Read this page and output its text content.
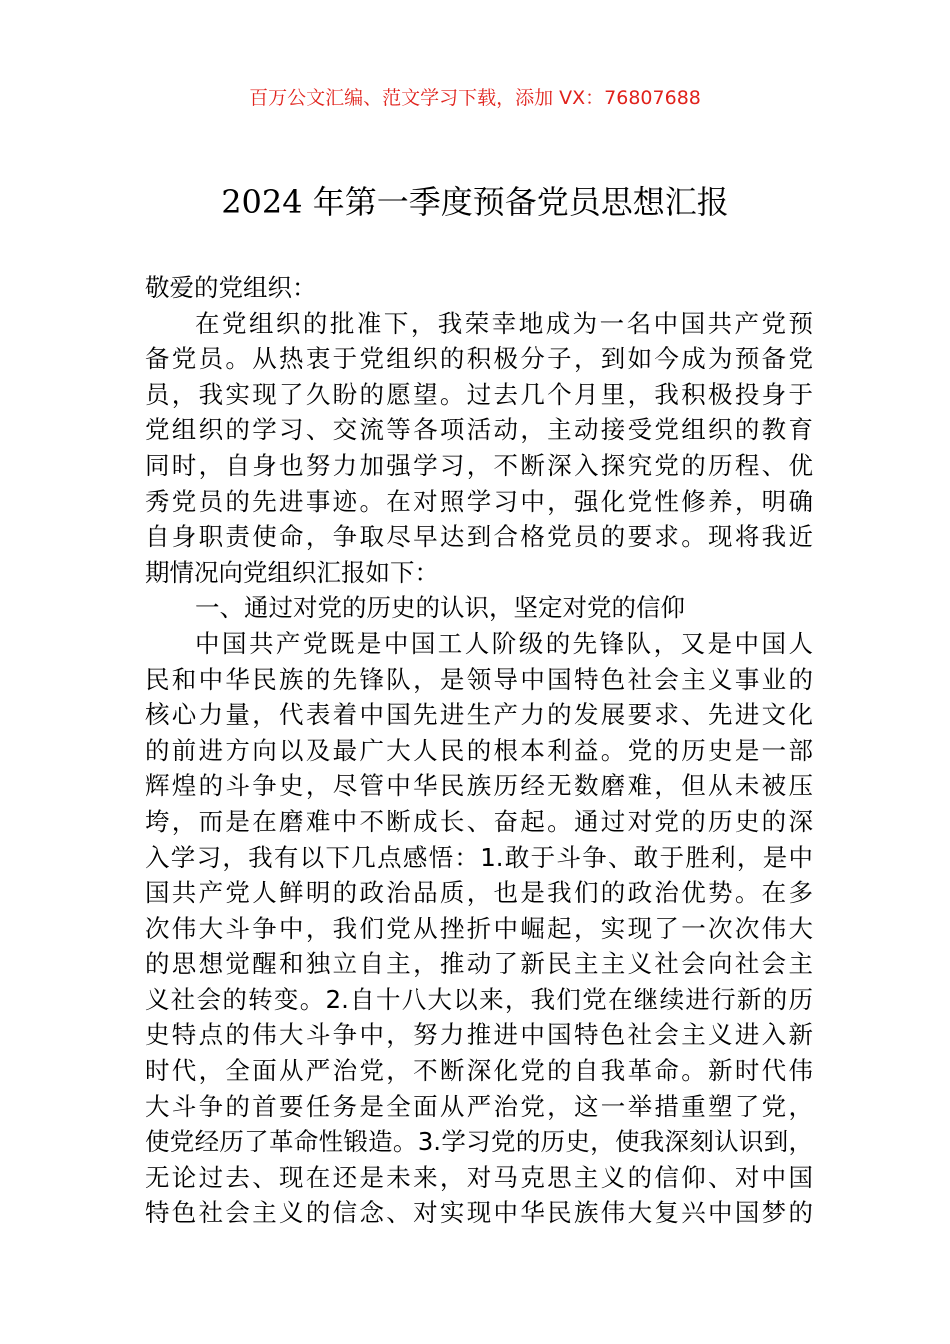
百万公文汇编、范文学习下载，添加 VX：76807688
2024 年第一季度预备党员思想汇报
敬爱的党组织：
在党组织的批准下，我荣幸地成为一名中国共产党预
备党员。从热衷于党组织的积极分子，到如今成为预备党
员，我实现了久盼的愿望。过去几个月里，我积极投身于
党组织的学习、交流等各项活动，主动接受党组织的教育
同时，自身也努力加强学习，不断深入探究党的历程、优
秀党员的先进事迹。在对照学习中，强化党性修养，明确
自身职责使命，争取尽早达到合格党员的要求。现将我近
期情况向党组织汇报如下：
一、通过对党的历史的认识，坚定对党的信仰
中国共产党既是中国工人阶级的先锋队，又是中国人
民和中华民族的先锋队，是领导中国特色社会主义事业的
核心力量，代表着中国先进生产力的发展要求、先进文化
的前进方向以及最广大人民的根本利益。党的历史是一部
辉煌的斗争史，尽管中华民族历经无数磨难，但从未被压
垮，而是在磨难中不断成长、奋起。通过对党的历史的深
入学习，我有以下几点感悟：1.敢于斗争、敢于胜利，是中
国共产党人鲜明的政治品质，也是我们的政治优势。在多
次伟大斗争中，我们党从挫折中崛起，实现了一次次伟大
的思想觉醒和独立自主，推动了新民主主义社会向社会主
义社会的转变。2.自十八大以来，我们党在继续进行新的历
史特点的伟大斗争中，努力推进中国特色社会主义进入新
时代，全面从严治党，不断深化党的自我革命。新时代伟
大斗争的首要任务是全面从严治党，这一举措重塑了党，
使党经历了革命性锻造。3.学习党的历史，使我深刻认识到，
无论过去、现在还是未来，对马克思主义的信仰、对中国
特色社会主义的信念、对实现中华民族伟大复兴中国梦的
